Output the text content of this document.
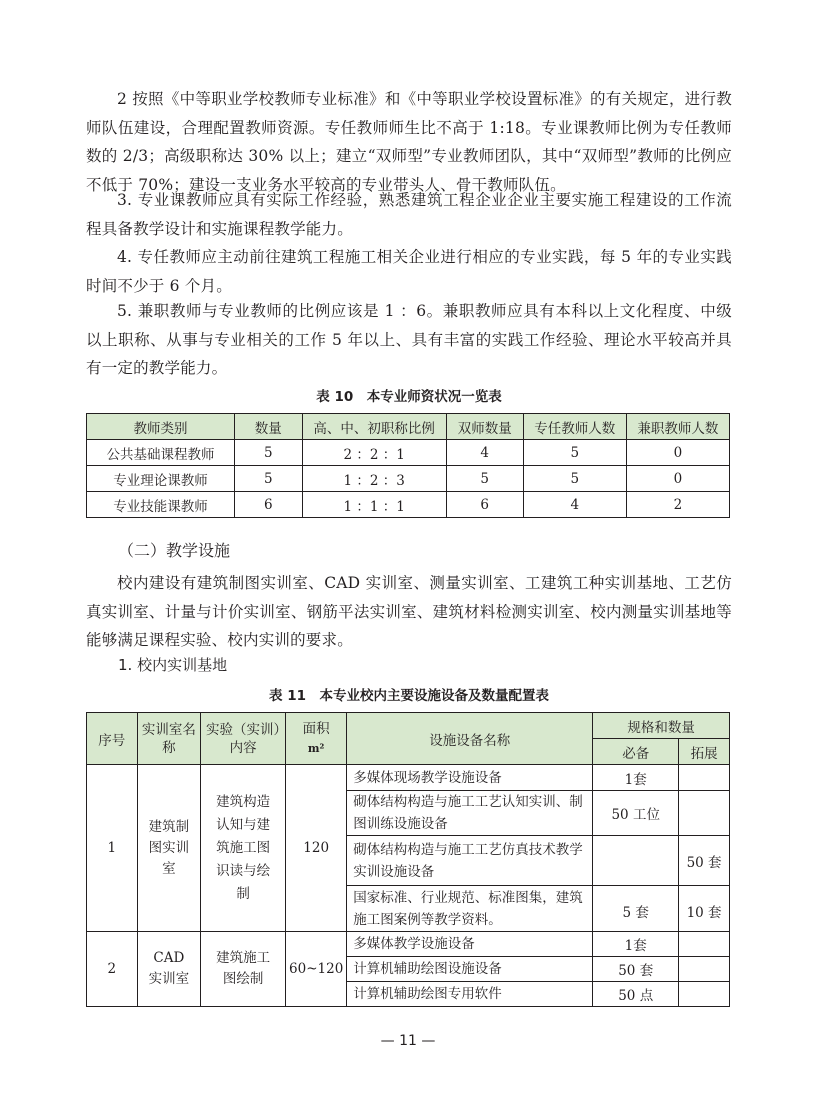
2 按照《中等职业学校教师专业标准》和《中等职业学校设置标准》的有关规定，进行教师队伍建设，合理配置教师资源。专任教师师生比不高于 1:18。专业课教师比例为专任教师数的 2/3；高级职称达 30% 以上；建立“双师型”专业教师团队，其中“双师型”教师的比例应不低于 70%；建设一支业务水平较高的专业带头人、骨干教师队伍。

3. 专业课教师应具有实际工作经验，熟悉建筑工程企业企业主要实施工程建设的工作流程具备教学设计和实施课程教学能力。

4. 专任教师应主动前往建筑工程施工相关企业进行相应的专业实践，每 5 年的专业实践时间不少于 6 个月。

5. 兼职教师与专业教师的比例应该是 1 ：6。兼职教师应具有本科以上文化程度、中级以上职称、从事与专业相关的工作 5 年以上、具有丰富的实践工作经验、理论水平较高并具有一定的教学能力。

表 10　本专业师资状况一览表
教师类别	数量	高、中、初职称比例	双师数量	专任教师人数	兼职教师人数
公共基础课程教师	5	2 ：2 ：1	4	5	0
专业理论课教师	5	1 ：2 ：3	5	5	0
专业技能课教师	6	1 ：1 ：1	6	4	2
（二）教学设施

校内建设有建筑制图实训室、CAD 实训室、测量实训室、工建筑工种实训基地、工艺仿真实训室、计量与计价实训室、钢筋平法实训室、建筑材料检测实训室、校内测量实训基地等能够满足课程实验、校内实训的要求。

1. 校内实训基地
表 11　本专业校内主要设施设备及数量配置表
序号	实训室名称	实验（实训）内容	面积
m²	设施设备名称	规格和数量	
					必备	拓展
1	建筑制图实训室	建筑构造认知与建筑施工图识读与绘制	120	多媒体现场教学设施设备	1套	
				砌体结构构造与施工工艺认知实训、制图训练设施设备	50 工位	
				砌体结构构造与施工工艺仿真技术教学实训设施设备		50 套
				国家标准、行业规范、标准图集，建筑施工图案例等教学资料。	5 套	10 套
2	CAD 实训室	建筑施工图绘制	60~120	多媒体教学设施设备	1套	
				计算机辅助绘图设施设备	50 套	
				计算机辅助绘图专用软件	50 点	
— 11 —
